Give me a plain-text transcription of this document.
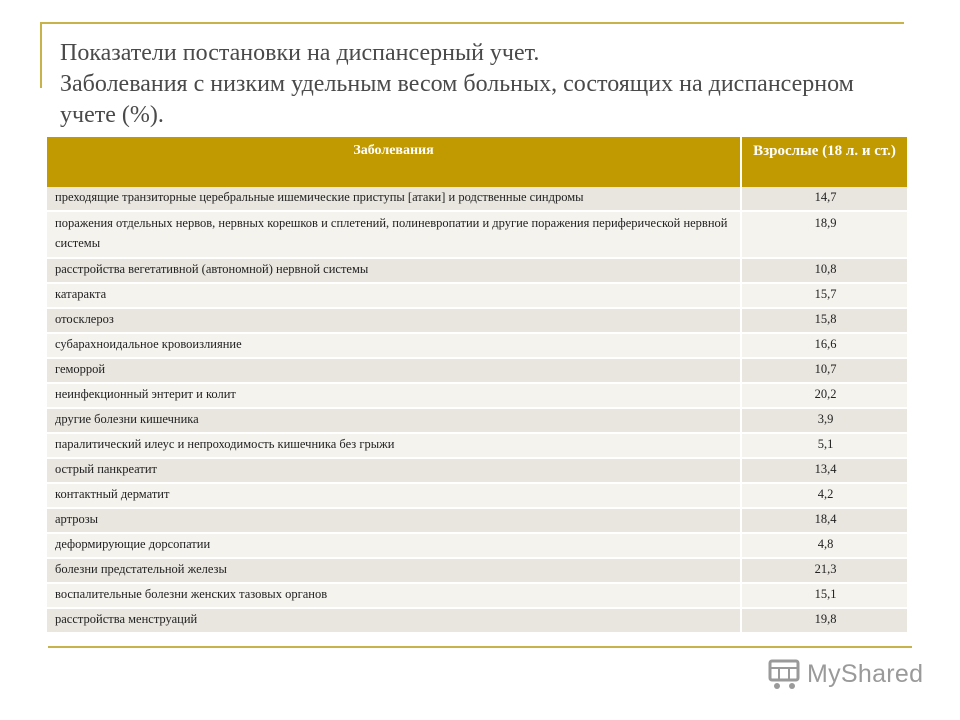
Показатели постановки на диспансерный учет.
Заболевания с низким удельным весом больных, состоящих на диспансерном
учете (%).
Заболевания	Взрослые (18 л. и ст.)
преходящие транзиторные церебральные ишемические приступы [атаки] и родственные синдромы	14,7
поражения отдельных нервов, нервных корешков и сплетений, полиневропатии и другие поражения периферической нервной системы	18,9
расстройства вегетативной (автономной) нервной системы	10,8
катаракта	15,7
отосклероз	15,8
субарахноидальное кровоизлияние	16,6
геморрой	10,7
неинфекционный энтерит и колит	20,2
другие болезни кишечника	3,9
паралитический илеус и непроходимость кишечника без грыжи	5,1
острый панкреатит	13,4
контактный дерматит	4,2
артрозы	18,4
деформирующие дорсопатии	4,8
болезни предстательной железы	21,3
воспалительные болезни женских тазовых органов	15,1
расстройства менструаций	19,8
MyShared
